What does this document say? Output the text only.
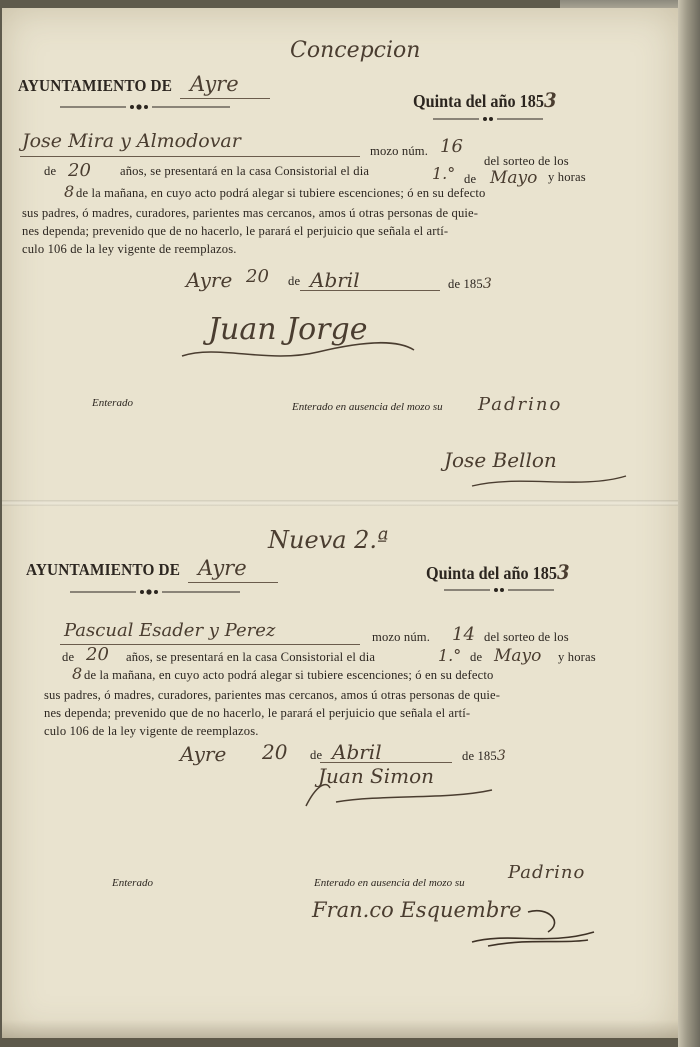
Concepcion
AYUNTAMIENTO DE Ayre
Quinta del año 1853
Jose Mira y Almodovar	mozo núm. 16
del sorteo de los
de 20 años, se presentará en la casa Consistorial el dia	1.° de Mayo y horas
8 de la mañana, en cuyo acto podrá alegar si tubiere escenciones; ó en su defecto
sus padres, ó madres, curadores, parientes mas cercanos, amos ú otras personas de quie-
nes dependa; prevenido que de no hacerlo, le parará el perjuicio que señala el artí-
culo 106 de la ley vigente de reemplazos.
Ayre 20 de Abril	de 1853
Juan Jorge
Enterado	Enterado en ausencia del mozo su Padrino
Jose Bellon
Nueva 2.ª
AYUNTAMIENTO DE Ayre	Quinta del año 1853
Pascual Esader y Perez	mozo núm. 14 del sorteo de los
de 20 años, se presentará en la casa Consistorial el dia	1.° de Mayo y horas
8 de la mañana, en cuyo acto podrá alegar si tubiere escenciones; ó en su defecto
sus padres, ó madres, curadores, parientes mas cercanos, amos ú otras personas de quie-
nes dependa; prevenido que de no hacerlo, le parará el perjuicio que señala el artí-
culo 106 de la ley vigente de reemplazos.
Ayre 20 de Abril	de 1853
Juan Simon
Enterado	Enterado en ausencia del mozo su Padrino
Fran.co Esquembre
